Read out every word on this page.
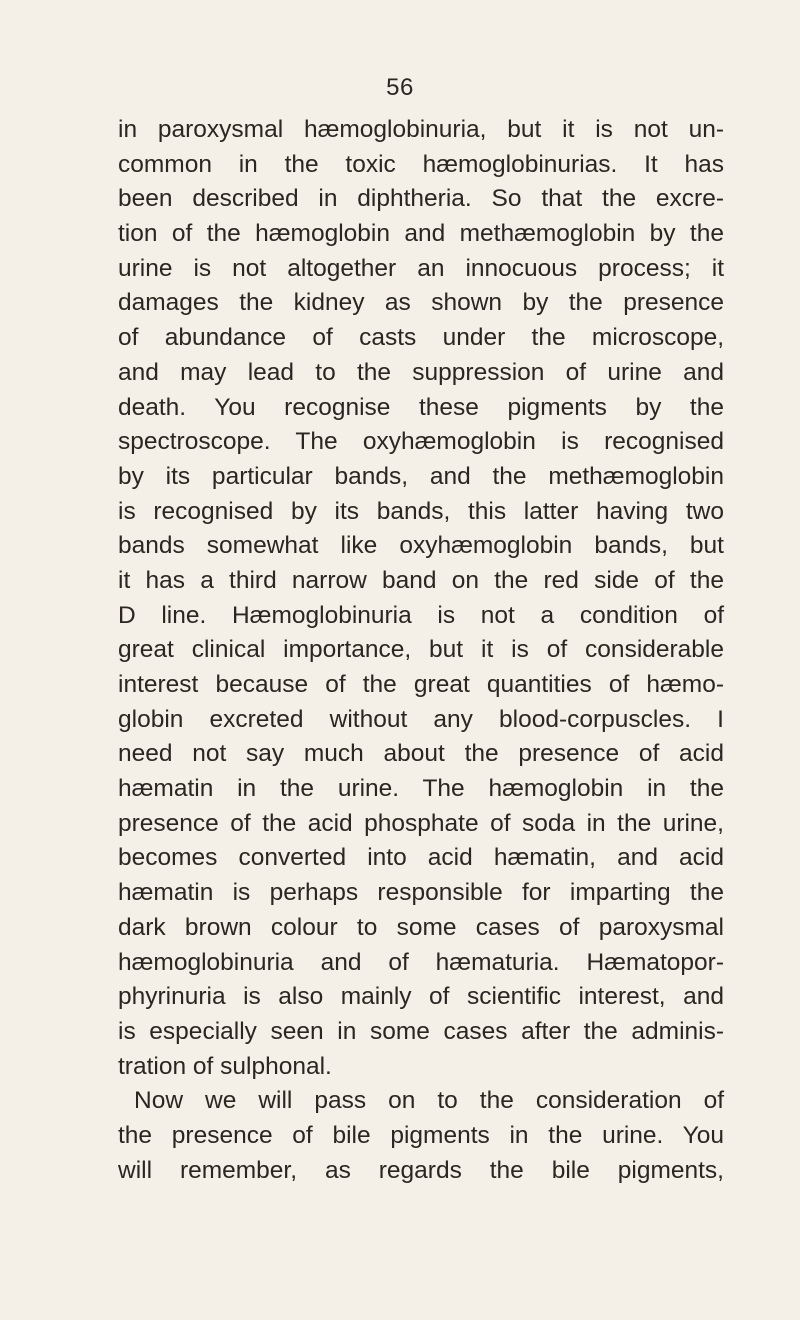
56
in paroxysmal hæmoglobinuria, but it is not un-
common in the toxic hæmoglobinurias. It has
been described in diphtheria. So that the excre-
tion of the hæmoglobin and methæmoglobin by the
urine is not altogether an innocuous process; it
damages the kidney as shown by the presence
of abundance of casts under the microscope,
and may lead to the suppression of urine and
death. You recognise these pigments by the
spectroscope. The oxyhæmoglobin is recognised
by its particular bands, and the methæmoglobin
is recognised by its bands, this latter having two
bands somewhat like oxyhæmoglobin bands, but
it has a third narrow band on the red side of the
D line. Hæmoglobinuria is not a condition of
great clinical importance, but it is of considerable
interest because of the great quantities of hæmo-
globin excreted without any blood-corpuscles. I
need not say much about the presence of acid
hæmatin in the urine. The hæmoglobin in the
presence of the acid phosphate of soda in the urine,
becomes converted into acid hæmatin, and acid
hæmatin is perhaps responsible for imparting the
dark brown colour to some cases of paroxysmal
hæmoglobinuria and of hæmaturia. Hæmatopor-
phyrinuria is also mainly of scientific interest, and
is especially seen in some cases after the adminis-
tration of sulphonal.
Now we will pass on to the consideration of
the presence of bile pigments in the urine. You
will remember, as regards the bile pigments,
